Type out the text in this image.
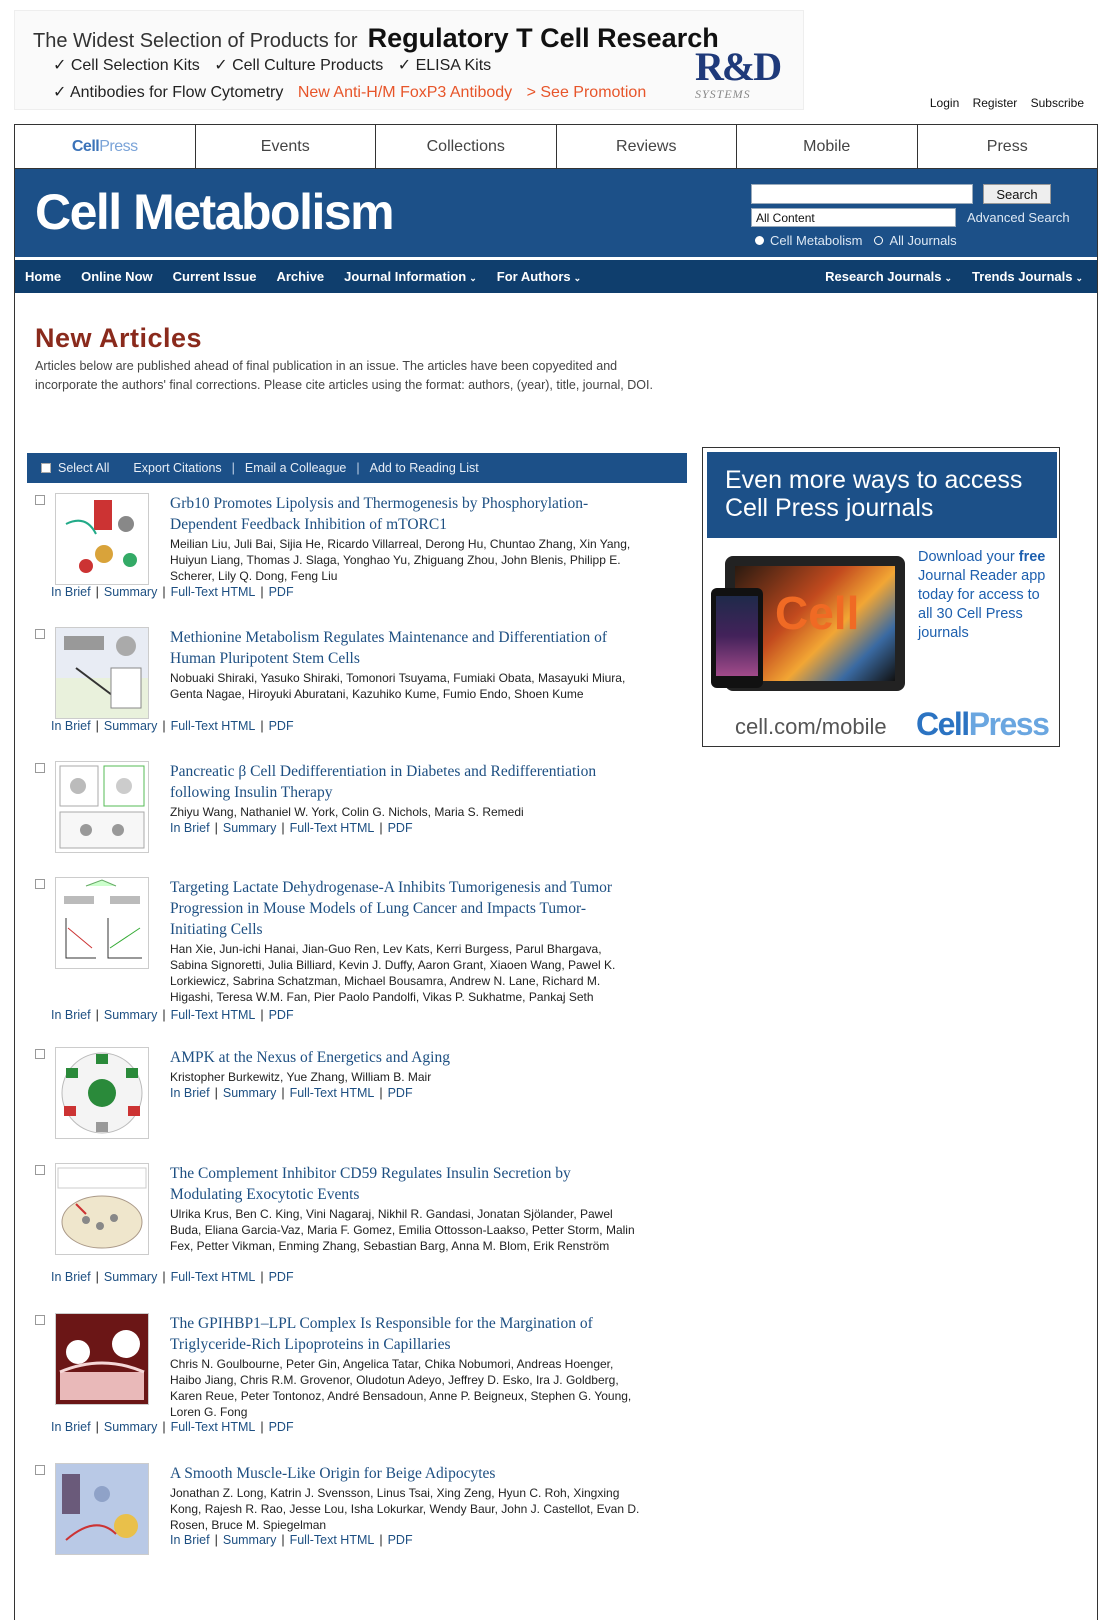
The Widest Selection of Products for Regulatory T Cell Research
✓ Cell Selection Kits ✓ Cell Culture Products ✓ ELISA Kits
✓ Antibodies for Flow Cytometry New Anti-H/M FoxP3 Antibody > See Promotion
R&D
SYSTEMS
Login Register Subscribe
CellPress	Events	Collections	Reviews	Mobile	Press
Cell Metabolism	Search
All Content	Advanced Search
Cell Metabolism All Journals
Home Online Now Current Issue Archive Journal Information ⌄ For Authors ⌄	Research Journals ⌄ Trends Journals ⌄
New Articles
Articles below are published ahead of final publication in an issue. The articles have been copyedited and incorporate the authors' final corrections. Please cite articles using the format: authors, (year), title, journal, DOI.
Select All Export Citations | Email a Colleague | Add to Reading List
Grb10 Promotes Lipolysis and Thermogenesis by Phosphorylation-Dependent Feedback Inhibition of mTORC1
Meilian Liu, Juli Bai, Sijia He, Ricardo Villarreal, Derong Hu, Chuntao Zhang, Xin Yang, Huiyun Liang, Thomas J. Slaga, Yonghao Yu, Zhiguang Zhou, John Blenis, Philipp E. Scherer, Lily Q. Dong, Feng Liu
In Brief | Summary | Full-Text HTML | PDF
Methionine Metabolism Regulates Maintenance and Differentiation of Human Pluripotent Stem Cells
Nobuaki Shiraki, Yasuko Shiraki, Tomonori Tsuyama, Fumiaki Obata, Masayuki Miura, Genta Nagae, Hiroyuki Aburatani, Kazuhiko Kume, Fumio Endo, Shoen Kume
In Brief | Summary | Full-Text HTML | PDF
Pancreatic β Cell Dedifferentiation in Diabetes and Redifferentiation following Insulin Therapy
Zhiyu Wang, Nathaniel W. York, Colin G. Nichols, Maria S. Remedi
In Brief | Summary | Full-Text HTML | PDF
Targeting Lactate Dehydrogenase-A Inhibits Tumorigenesis and Tumor Progression in Mouse Models of Lung Cancer and Impacts Tumor-Initiating Cells
Han Xie, Jun-ichi Hanai, Jian-Guo Ren, Lev Kats, Kerri Burgess, Parul Bhargava, Sabina Signoretti, Julia Billiard, Kevin J. Duffy, Aaron Grant, Xiaoen Wang, Pawel K. Lorkiewicz, Sabrina Schatzman, Michael Bousamra, Andrew N. Lane, Richard M. Higashi, Teresa W.M. Fan, Pier Paolo Pandolfi, Vikas P. Sukhatme, Pankaj Seth
In Brief | Summary | Full-Text HTML | PDF
AMPK at the Nexus of Energetics and Aging
Kristopher Burkewitz, Yue Zhang, William B. Mair
In Brief | Summary | Full-Text HTML | PDF
The Complement Inhibitor CD59 Regulates Insulin Secretion by Modulating Exocytotic Events
Ulrika Krus, Ben C. King, Vini Nagaraj, Nikhil R. Gandasi, Jonatan Sjölander, Pawel Buda, Eliana Garcia-Vaz, Maria F. Gomez, Emilia Ottosson-Laakso, Petter Storm, Malin Fex, Petter Vikman, Enming Zhang, Sebastian Barg, Anna M. Blom, Erik Renström
In Brief | Summary | Full-Text HTML | PDF
The GPIHBP1–LPL Complex Is Responsible for the Margination of Triglyceride-Rich Lipoproteins in Capillaries
Chris N. Goulbourne, Peter Gin, Angelica Tatar, Chika Nobumori, Andreas Hoenger, Haibo Jiang, Chris R.M. Grovenor, Oludotun Adeyo, Jeffrey D. Esko, Ira J. Goldberg, Karen Reue, Peter Tontonoz, André Bensadoun, Anne P. Beigneux, Stephen G. Young, Loren G. Fong
In Brief | Summary | Full-Text HTML | PDF
A Smooth Muscle-Like Origin for Beige Adipocytes
Jonathan Z. Long, Katrin J. Svensson, Linus Tsai, Xing Zeng, Hyun C. Roh, Xingxing Kong, Rajesh R. Rao, Jesse Lou, Isha Lokurkar, Wendy Baur, John J. Castellot, Evan D. Rosen, Bruce M. Spiegelman
In Brief | Summary | Full-Text HTML | PDF
Even more ways to access Cell Press journals
Cell
Download your free Journal Reader app today for access to all 30 Cell Press journals
cell.com/mobile CellPress
